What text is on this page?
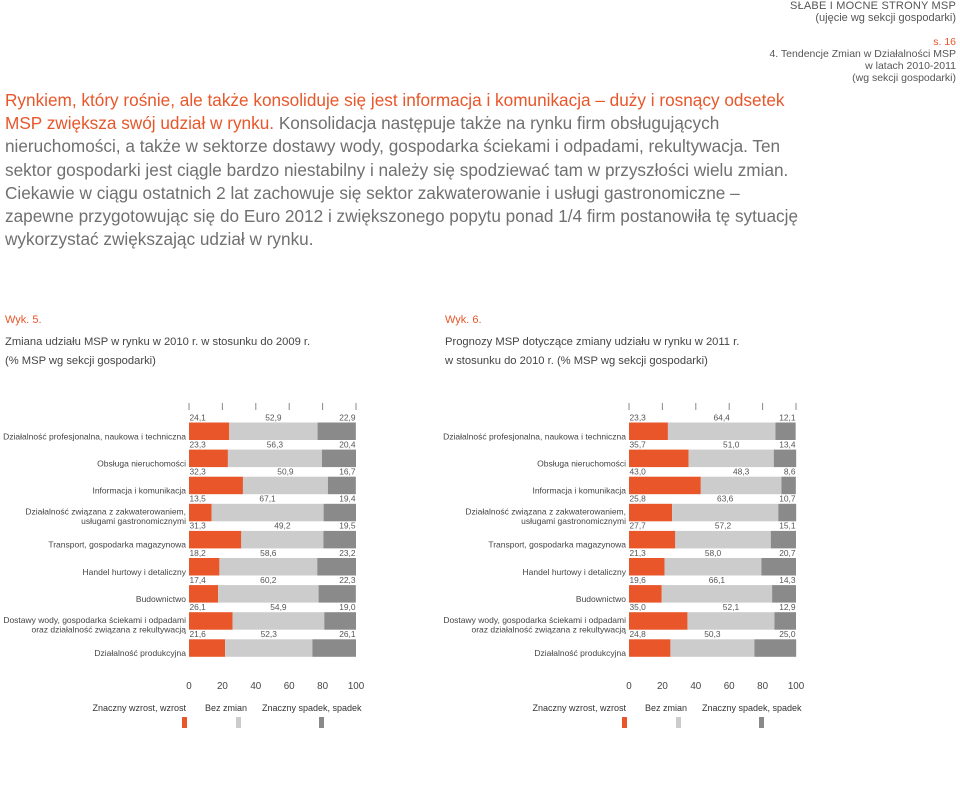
SŁABE I MOCNE STRONY MSP
(ujęcie wg sekcji gospodarki)
s. 16
4. Tendencje Zmian w Działalności MSP
w latach 2010-2011
(wg sekcji gospodarki)
Rynkiem, który rośnie, ale także konsoliduje się jest informacja i komunikacja – duży i rosnący odsetek MSP zwiększa swój udział w rynku. Konsolidacja następuje także na rynku firm obsługujących nieruchomości, a także w sektorze dostawy wody, gospodarka ściekami i odpadami, rekultywacja. Ten sektor gospodarki jest ciągle bardzo niestabilny i należy się spodziewać tam w przyszłości wielu zmian. Ciekawie w ciągu ostatnich 2 lat zachowuje się sektor zakwaterowanie i usługi gastronomiczne – zapewne przygotowując się do Euro 2012 i zwiększonego popytu ponad 1/4 firm postanowiła tę sytuację wykorzystać zwiększając udział w rynku.
Wyk. 5.
Zmiana udziału MSP w rynku w 2010 r. w stosunku do 2009 r.
(% MSP wg sekcji gospodarki)
Wyk. 6.
Prognozy MSP dotyczące zmiany udziału w rynku w 2011 r.
w stosunku do 2010 r. (% MSP wg sekcji gospodarki)
24,1	52,9	22,9
Działalność profesjonalna, naukowa i techniczna
23,3	56,3	20,4
Obsługa nieruchomości
32,3	50,9	16,7
Informacja i komunikacja
13,5	67,1	19,4
Działalność związana z zakwaterowaniem,
usługami gastronomicznymi 31,3	49,2	19,5
Transport, gospodarka magazynowa
18,2	58,6	23,2
Handel hurtowy i detaliczny
17,4	60,2	22,3
Budownictwo
26,1	54,9	19,0
Dostawy wody, gospodarka ściekami i odpadami
oraz działalność związana z rekultywacją 21,6	52,3	26,1
Działalność produkcyjna
0	20 40 60 80 100
Znaczny wzrost, wzrost Bez zmian Znaczny spadek, spadek
23,3	64,4	12,1
Działalność profesjonalna, naukowa i techniczna
35,7	51,0	13,4
Obsługa nieruchomości
43,0	48,3	8,6
Informacja i komunikacja
25,8	63,6	10,7
Działalność związana z zakwaterowaniem,
usługami gastronomicznymi 27,7	57,2	15,1
Transport, gospodarka magazynowa
21,3	58,0	20,7
Handel hurtowy i detaliczny
19,6	66,1	14,3
Budownictwo
35,0	52,1	12,9
Dostawy wody, gospodarka ściekami i odpadami
oraz działalność związana z rekultywacją 24,8	50,3	25,0
Działalność produkcyjna
0	20 40 60 80 100
Znaczny wzrost, wzrost Bez zmian Znaczny spadek, spadek
